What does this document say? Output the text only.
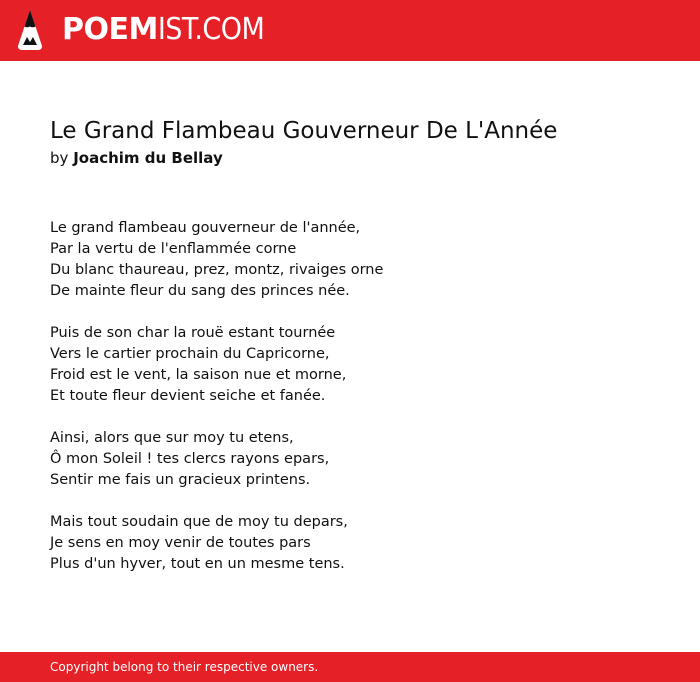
POEMIST.COM
Le Grand Flambeau Gouverneur De L'Année
by Joachim du Bellay
Le grand flambeau gouverneur de l'année,
Par la vertu de l'enflammée corne
Du blanc thaureau, prez, montz, rivaiges orne
De mainte fleur du sang des princes née.
Puis de son char la rouë estant tournée
Vers le cartier prochain du Capricorne,
Froid est le vent, la saison nue et morne,
Et toute fleur devient seiche et fanée.
Ainsi, alors que sur moy tu etens,
Ô mon Soleil ! tes clercs rayons epars,
Sentir me fais un gracieux printens.
Mais tout soudain que de moy tu depars,
Je sens en moy venir de toutes pars
Plus d'un hyver, tout en un mesme tens.
Copyright belong to their respective owners.
